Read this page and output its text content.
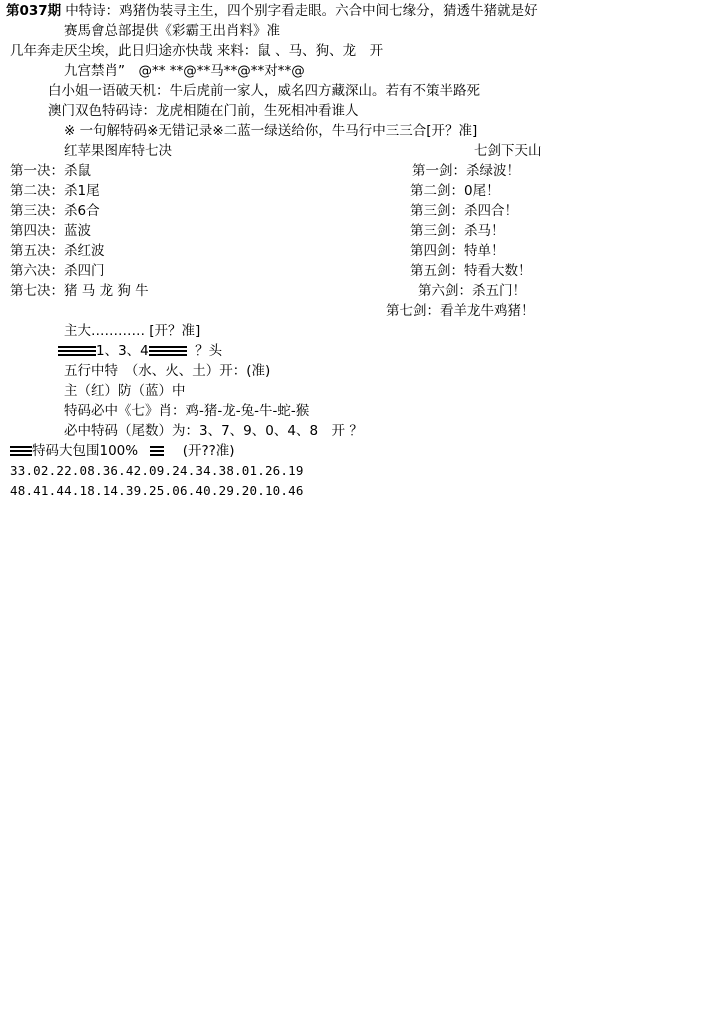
第037期 中特诗：鸡猪伪装寻主生，四个别字看走眼。六合中间七缘分，猜透牛猪就是好
赛馬會总部提供《彩霸王出肖料》准
几年奔走厌尘埃，此日归途亦快哉 来料：鼠 、马、狗、龙　开
九宫禁肖”　@** **@**马**@**对**@
白小姐一语破天机：牛后虎前一家人，威名四方藏深山。若有不策半路死
澳门双色特码诗：龙虎相随在门前，生死相冲看谁人
※ 一句解特码※无错记录※二蓝一绿送给你，牛马行中三三合[开？准]
红苹果图库特七决
第一决：杀鼠
第二决：杀1尾
第三决：杀6合
第四决：蓝波
第五决：杀红波
第六决：杀四门
第七决：猪 马 龙 狗 牛
七剑下天山
第一剑：杀绿波！
第二剑：0尾！
第三剑：杀四合！
第三剑：杀马！
第四剑：特单！
第五剑：特看大数！
第六剑：杀五门！
第七剑：看羊龙牛鸡猪！
主大………… [开？准]
1、3、4	？头
五行中特　（水、火、土）开：(准)
主（红）防（蓝）中
特码必中《七》肖：鸡-猪-龙-兔-牛-蛇-猴
必中特码（尾数）为：3、7、9、0、4、8　开 ？
特码大包围100%	(开??准)
33.02.22.08.36.42.09.24.34.38.01.26.19
48.41.44.18.14.39.25.06.40.29.20.10.46
